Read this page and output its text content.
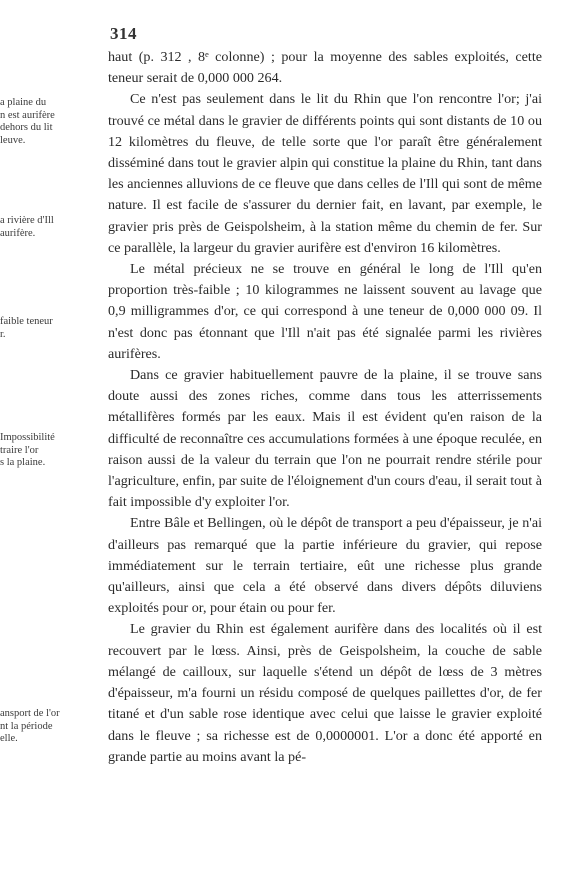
314

haut (p. 312 , 8ᵉ colonne) ; pour la moyenne des sables exploités, cette teneur serait de 0,000 000 264.

Ce n'est pas seulement dans le lit du Rhin que l'on rencontre l'or; j'ai trouvé ce métal dans le gravier de différents points qui sont distants de 10 ou 12 kilomètres du fleuve, de telle sorte que l'or paraît être généralement disséminé dans tout le gravier alpin qui constitue la plaine du Rhin, tant dans les anciennes alluvions de ce fleuve que dans celles de l'Ill qui sont de même nature. Il est facile de s'assurer du dernier fait, en lavant, par exemple, le gravier pris près de Geispolsheim, à la station même du chemin de fer. Sur ce parallèle, la largeur du gravier aurifère est d'environ 16 kilomètres.

Le métal précieux ne se trouve en général le long de l'Ill qu'en proportion très-faible ; 10 kilogrammes ne laissent souvent au lavage que 0,9 milligrammes d'or, ce qui correspond à une teneur de 0,000 000 09. Il n'est donc pas étonnant que l'Ill n'ait pas été signalée parmi les rivières aurifères.

Dans ce gravier habituellement pauvre de la plaine, il se trouve sans doute aussi des zones riches, comme dans tous les atterrissements métallifères formés par les eaux. Mais il est évident qu'en raison de la difficulté de reconnaître ces accumulations formées à une époque reculée, en raison aussi de la valeur du terrain que l'on ne pourrait rendre stérile pour l'agriculture, enfin, par suite de l'éloignement d'un cours d'eau, il serait tout à fait impossible d'y exploiter l'or.

Entre Bâle et Bellingen, où le dépôt de transport a peu d'épaisseur, je n'ai d'ailleurs pas remarqué que la partie inférieure du gravier, qui repose immédiatement sur le terrain tertiaire, eût une richesse plus grande qu'ailleurs, ainsi que cela a été observé dans divers dépôts diluviens exploités pour or, pour étain ou pour fer.

Le gravier du Rhin est également aurifère dans des localités où il est recouvert par le lœss. Ainsi, près de Geispolsheim, la couche de sable mélangé de cailloux, sur laquelle s'étend un dépôt de lœss de 3 mètres d'épaisseur, m'a fourni un résidu composé de quelques paillettes d'or, de fer titané et d'un sable rose identique avec celui que laisse le gravier exploité dans le fleuve ; sa richesse est de 0,0000001. L'or a donc été apporté en grande partie au moins avant la pé-

a plaine du
n est aurifère
dehors du lit
leuve.
a rivière d'Ill
aurifère.
faible teneur
r.
Impossibilité
traire l'or
s la plaine.
ansport de l'or
nt la période
elle.
